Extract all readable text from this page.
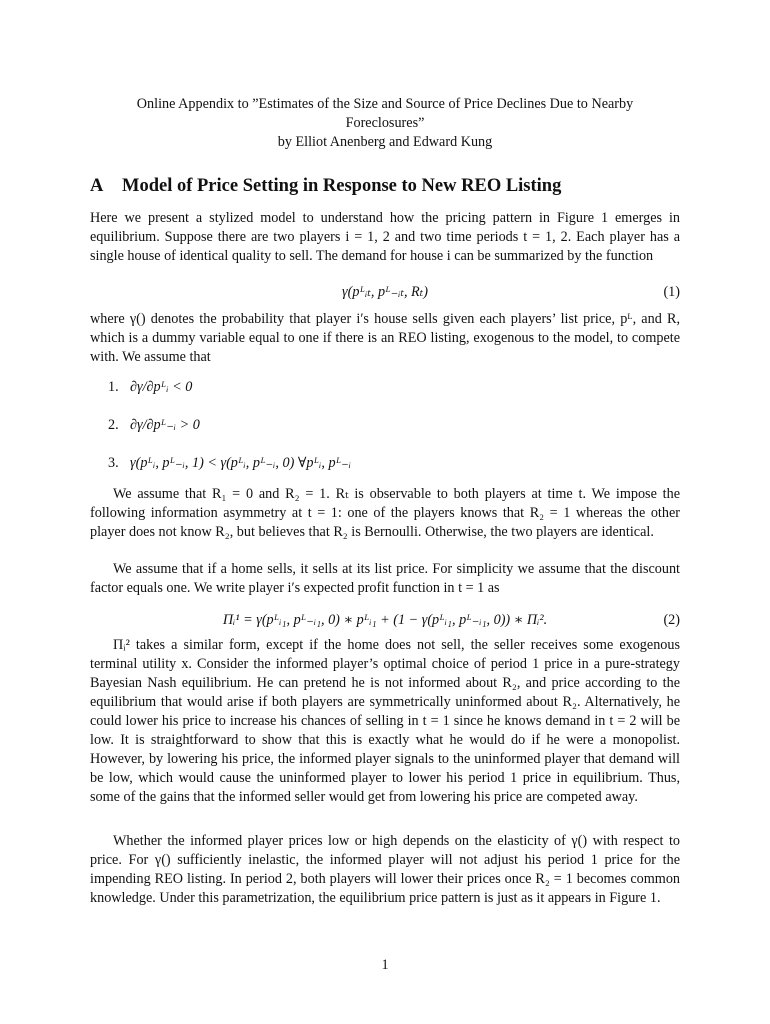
Online Appendix to ”Estimates of the Size and Source of Price Declines Due to Nearby
Foreclosures”
by Elliot Anenberg and Edward Kung
A Model of Price Setting in Response to New REO Listing
Here we present a stylized model to understand how the pricing pattern in Figure 1 emerges in equilibrium. Suppose there are two players i = 1, 2 and two time periods t = 1, 2. Each player has a single house of identical quality to sell. The demand for house i can be summarized by the function
γ(pᴸᵢₜ, pᴸ₋ᵢₜ, Rₜ)	(1)
where γ() denotes the probability that player i′s house sells given each players’ list price, pᴸ, and R, which is a dummy variable equal to one if there is an REO listing, exogenous to the model, to compete with. We assume that
1. ∂γ/∂pᴸᵢ < 0
2. ∂γ/∂pᴸ₋ᵢ > 0
3. γ(pᴸᵢ, pᴸ₋ᵢ, 1) < γ(pᴸᵢ, pᴸ₋ᵢ, 0) ∀pᴸᵢ, pᴸ₋ᵢ
We assume that R₁ = 0 and R₂ = 1. Rₜ is observable to both players at time t. We impose the following information asymmetry at t = 1: one of the players knows that R₂ = 1 whereas the other player does not know R₂, but believes that R₂ is Bernoulli. Otherwise, the two players are identical.
We assume that if a home sells, it sells at its list price. For simplicity we assume that the discount factor equals one. We write player i′s expected profit function in t = 1 as
Πᵢ¹ = γ(pᴸᵢ₁, pᴸ₋ᵢ₁, 0) ∗ pᴸᵢ₁ + (1 − γ(pᴸᵢ₁, pᴸ₋ᵢ₁, 0)) ∗ Πᵢ².	(2)
Πᵢ² takes a similar form, except if the home does not sell, the seller receives some exogenous terminal utility x. Consider the informed player’s optimal choice of period 1 price in a pure-strategy Bayesian Nash equilibrium. He can pretend he is not informed about R₂, and price according to the equilibrium that would arise if both players are symmetrically uninformed about R₂. Alternatively, he could lower his price to increase his chances of selling in t = 1 since he knows demand in t = 2 will be low. It is straightforward to show that this is exactly what he would do if he were a monopolist. However, by lowering his price, the informed player signals to the uninformed player that demand will be low, which would cause the uninformed player to lower his period 1 price in equilibrium. Thus, some of the gains that the informed seller would get from lowering his price are competed away.
Whether the informed player prices low or high depends on the elasticity of γ() with respect to price. For γ() sufficiently inelastic, the informed player will not adjust his period 1 price for the impending REO listing. In period 2, both players will lower their prices once R₂ = 1 becomes common knowledge. Under this parametrization, the equilibrium price pattern is just as it appears in Figure 1.
1
